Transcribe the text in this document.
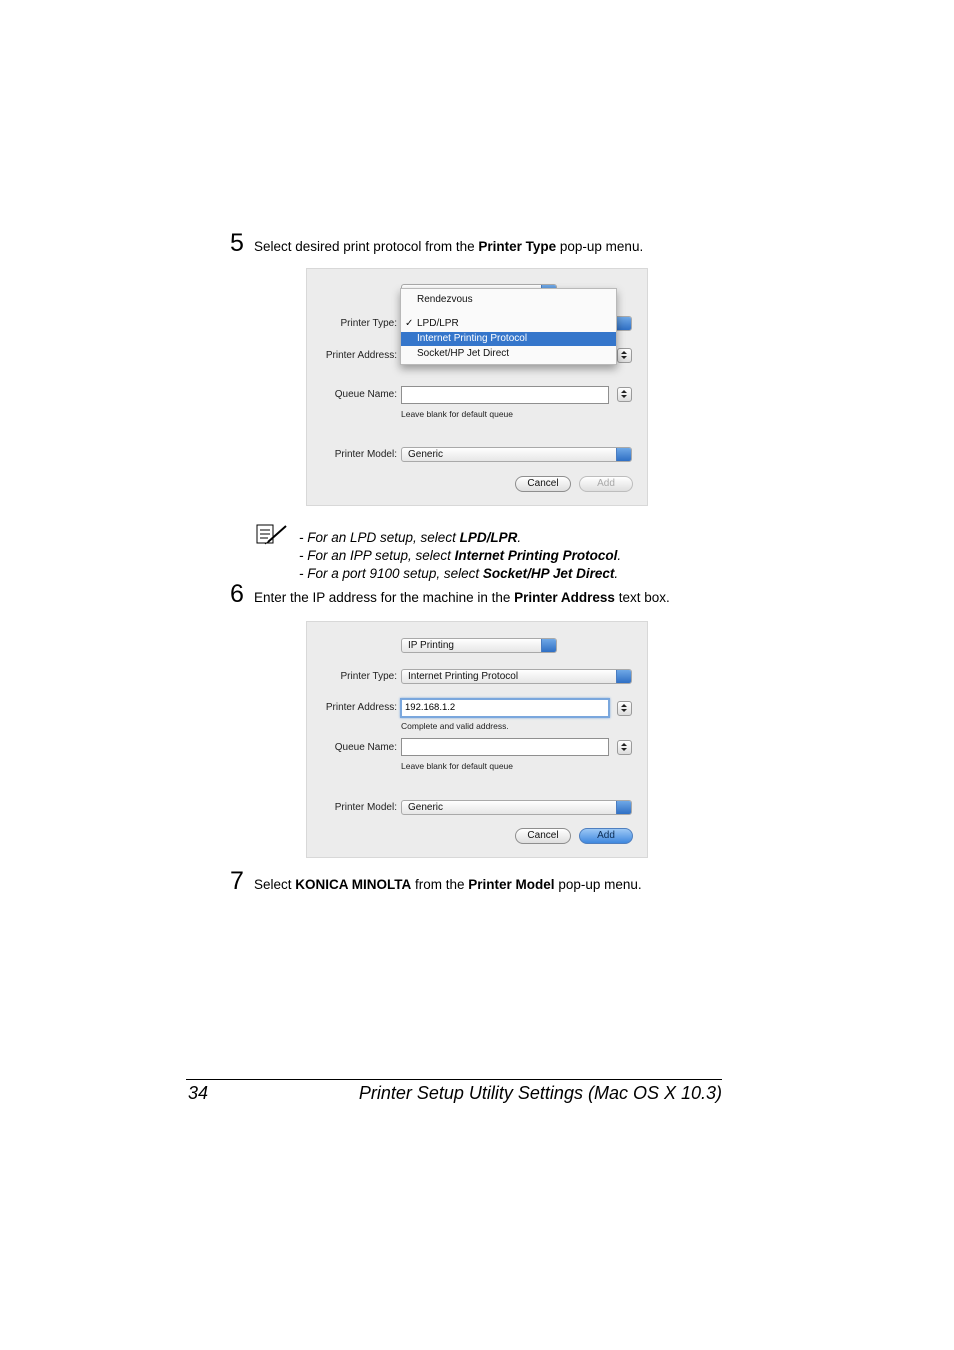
5 Select desired print protocol from the Printer Type pop-up menu.
Printer Type:
Printer Address:
Queue Name:
Leave blank for default queue
Printer Model:	Generic
Cancel	Add
Rendezvous
✓ LPD/LPR
Internet Printing Protocol
Socket/HP Jet Direct
- For an LPD setup, select LPD/LPR.
- For an IPP setup, select Internet Printing Protocol.
- For a port 9100 setup, select Socket/HP Jet Direct.
6 Enter the IP address for the machine in the Printer Address text box.
IP Printing
Printer Type:	Internet Printing Protocol
Printer Address: 192.168.1.2
Complete and valid address.
Queue Name:
Leave blank for default queue
Printer Model:	Generic
Cancel	Add
7 Select KONICA MINOLTA from the Printer Model pop-up menu.
34	Printer Setup Utility Settings (Mac OS X 10.3)
